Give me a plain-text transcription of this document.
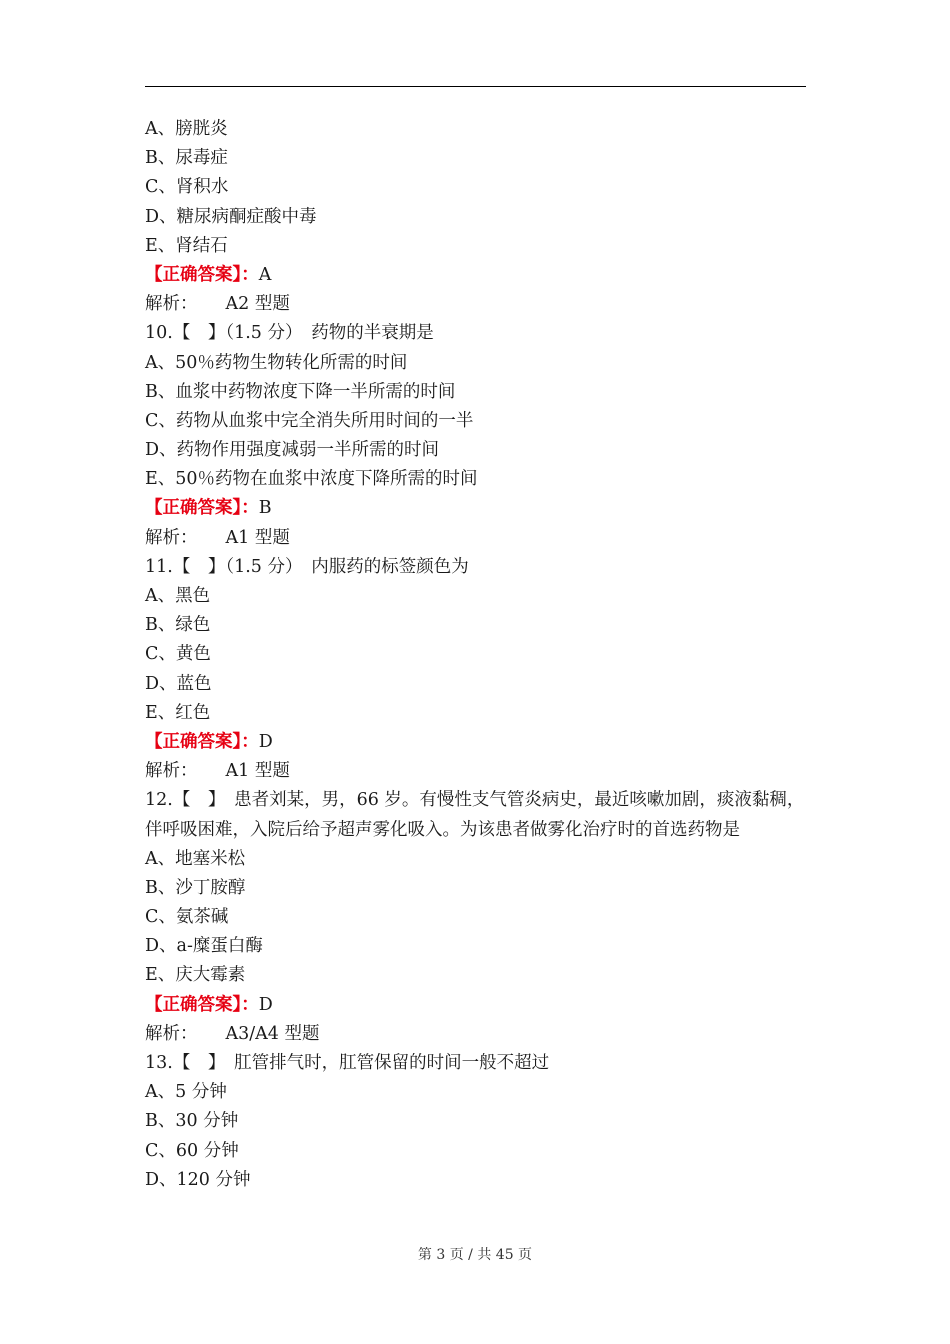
A、膀胱炎
B、尿毒症
C、肾积水
D、糖尿病酮症酸中毒
E、肾结石
【正确答案】：A
解析： A2 型题
10.【　】（1.5 分）　药物的半衰期是
A、50％药物生物转化所需的时间
B、血浆中药物浓度下降一半所需的时间
C、药物从血浆中完全消失所用时间的一半
D、药物作用强度减弱一半所需的时间
E、50％药物在血浆中浓度下降所需的时间
【正确答案】：B
解析： A1 型题
11.【　】（1.5 分）　内服药的标签颜色为
A、黑色
B、绿色
C、黄色
D、蓝色
E、红色
【正确答案】：D
解析： A1 型题
12.【　】　患者刘某，男，66 岁。有慢性支气管炎病史，最近咳嗽加剧，痰液黏稠，伴呼吸困难，入院后给予超声雾化吸入。为该患者做雾化治疗时的首选药物是
A、地塞米松
B、沙丁胺醇
C、氨茶碱
D、a-糜蛋白酶
E、庆大霉素
【正确答案】：D
解析： A3/A4 型题
13.【　】　肛管排气时，肛管保留的时间一般不超过
A、5 分钟
B、30 分钟
C、60 分钟
D、120 分钟
第 3 页 / 共 45 页
